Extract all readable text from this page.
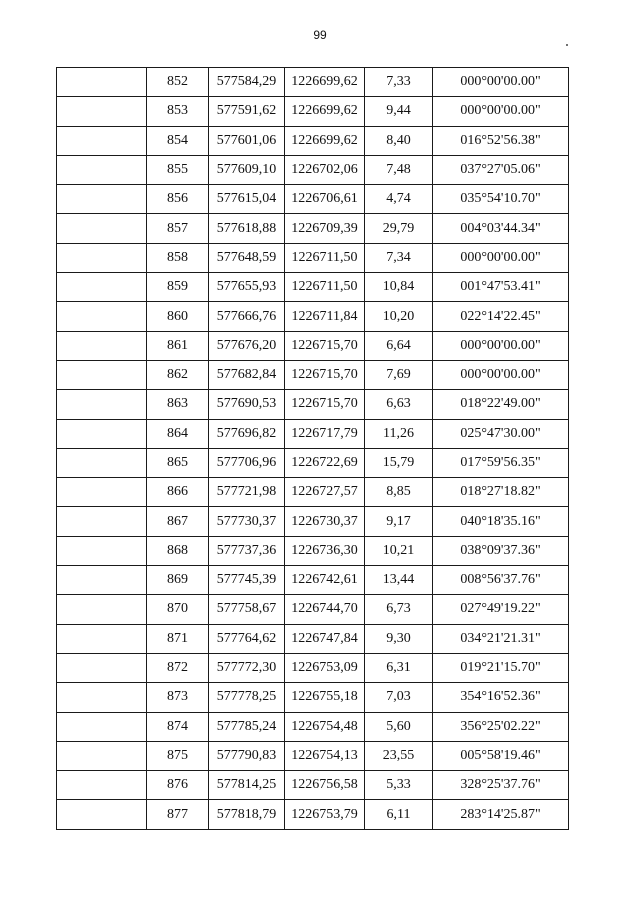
99
	852	577584,29	1226699,62	7,33	000°00'00.00"
	853	577591,62	1226699,62	9,44	000°00'00.00"
	854	577601,06	1226699,62	8,40	016°52'56.38"
	855	577609,10	1226702,06	7,48	037°27'05.06"
	856	577615,04	1226706,61	4,74	035°54'10.70"
	857	577618,88	1226709,39	29,79	004°03'44.34"
	858	577648,59	1226711,50	7,34	000°00'00.00"
	859	577655,93	1226711,50	10,84	001°47'53.41"
	860	577666,76	1226711,84	10,20	022°14'22.45"
	861	577676,20	1226715,70	6,64	000°00'00.00"
	862	577682,84	1226715,70	7,69	000°00'00.00"
	863	577690,53	1226715,70	6,63	018°22'49.00"
	864	577696,82	1226717,79	11,26	025°47'30.00"
	865	577706,96	1226722,69	15,79	017°59'56.35"
	866	577721,98	1226727,57	8,85	018°27'18.82"
	867	577730,37	1226730,37	9,17	040°18'35.16"
	868	577737,36	1226736,30	10,21	038°09'37.36"
	869	577745,39	1226742,61	13,44	008°56'37.76"
	870	577758,67	1226744,70	6,73	027°49'19.22"
	871	577764,62	1226747,84	9,30	034°21'21.31"
	872	577772,30	1226753,09	6,31	019°21'15.70"
	873	577778,25	1226755,18	7,03	354°16'52.36"
	874	577785,24	1226754,48	5,60	356°25'02.22"
	875	577790,83	1226754,13	23,55	005°58'19.46"
	876	577814,25	1226756,58	5,33	328°25'37.76"
	877	577818,79	1226753,79	6,11	283°14'25.87"
